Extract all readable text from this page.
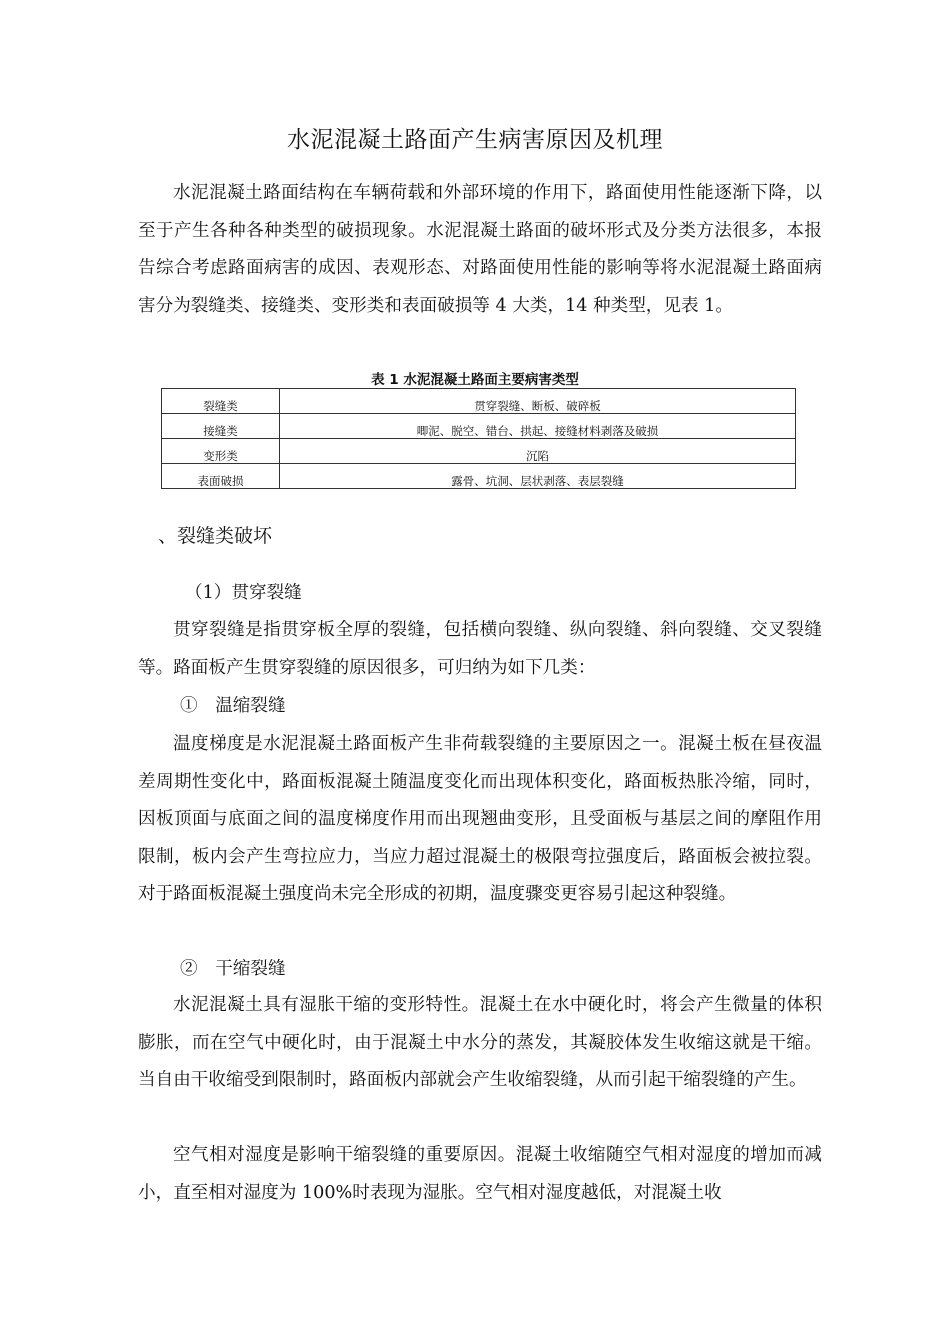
水泥混凝土路面产生病害原因及机理

水泥混凝土路面结构在车辆荷载和外部环境的作用下，路面使用性能逐渐下降，以至于产生各种各种类型的破损现象。水泥混凝土路面的破坏形式及分类方法很多，本报告综合考虑路面病害的成因、表观形态、对路面使用性能的影响等将水泥混凝土路面病害分为裂缝类、接缝类、变形类和表面破损等 4 大类，14 种类型，见表 1。

表 1 水泥混凝土路面主要病害类型
裂缝类	贯穿裂缝、断板、破碎板
接缝类	唧泥、脱空、错台、拱起、接缝材料剥落及破损
变形类	沉陷
表面破损	露骨、坑洞、层状剥落、表层裂缝
、裂缝类破坏
（1）贯穿裂缝

贯穿裂缝是指贯穿板全厚的裂缝，包括横向裂缝、纵向裂缝、斜向裂缝、交叉裂缝等。路面板产生贯穿裂缝的原因很多，可归纳为如下几类：

①　温缩裂缝

温度梯度是水泥混凝土路面板产生非荷载裂缝的主要原因之一。混凝土板在昼夜温差周期性变化中，路面板混凝土随温度变化而出现体积变化，路面板热胀冷缩，同时，因板顶面与底面之间的温度梯度作用而出现翘曲变形，且受面板与基层之间的摩阻作用限制，板内会产生弯拉应力，当应力超过混凝土的极限弯拉强度后，路面板会被拉裂。对于路面板混凝土强度尚未完全形成的初期，温度骤变更容易引起这种裂缝。

②　干缩裂缝

水泥混凝土具有湿胀干缩的变形特性。混凝土在水中硬化时，将会产生微量的体积膨胀，而在空气中硬化时，由于混凝土中水分的蒸发，其凝胶体发生收缩这就是干缩。当自由干收缩受到限制时，路面板内部就会产生收缩裂缝，从而引起干缩裂缝的产生。

空气相对湿度是影响干缩裂缝的重要原因。混凝土收缩随空气相对湿度的增加而减小，直至相对湿度为 100%时表现为湿胀。空气相对湿度越低，对混凝土收
